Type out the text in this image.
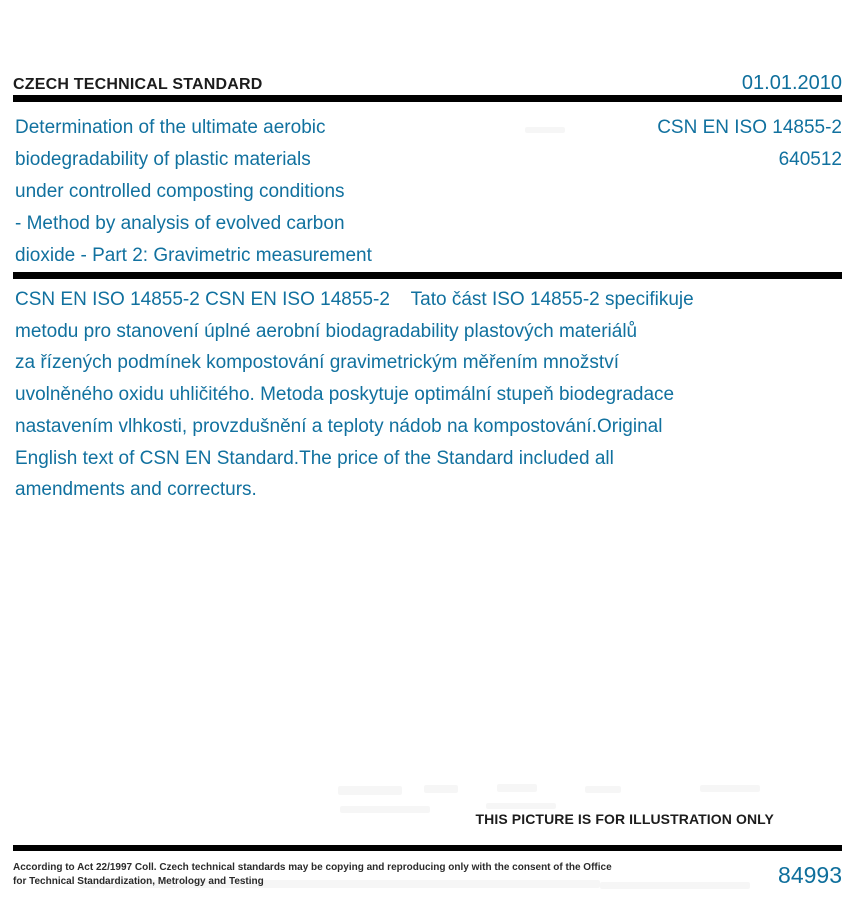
CZECH TECHNICAL STANDARD	01.01.2010
Determination of the ultimate aerobic
biodegradability of plastic materials
under controlled composting conditions
- Method by analysis of evolved carbon
dioxide - Part 2: Gravimetric measurement
CSN EN ISO 14855-2
640512
CSN EN ISO 14855-2 CSN EN ISO 14855-2    Tato část ISO 14855-2 specifikuje
metodu pro stanovení úplné aerobní biodagradability plastových materiálů
za řízených podmínek kompostování gravimetrickým měřením množství
uvolněného oxidu uhličitého. Metoda poskytuje optimální stupeň biodegradace
nastavením vlhkosti, provzdušnění a teploty nádob na kompostování.Original
English text of CSN EN Standard.The price of the Standard included all
amendments and correcturs.
THIS PICTURE IS FOR ILLUSTRATION ONLY
According to Act 22/1997 Coll. Czech technical standards may be copying and reproducing only with the consent of the Office
for Technical Standardization, Metrology and Testing	84993
